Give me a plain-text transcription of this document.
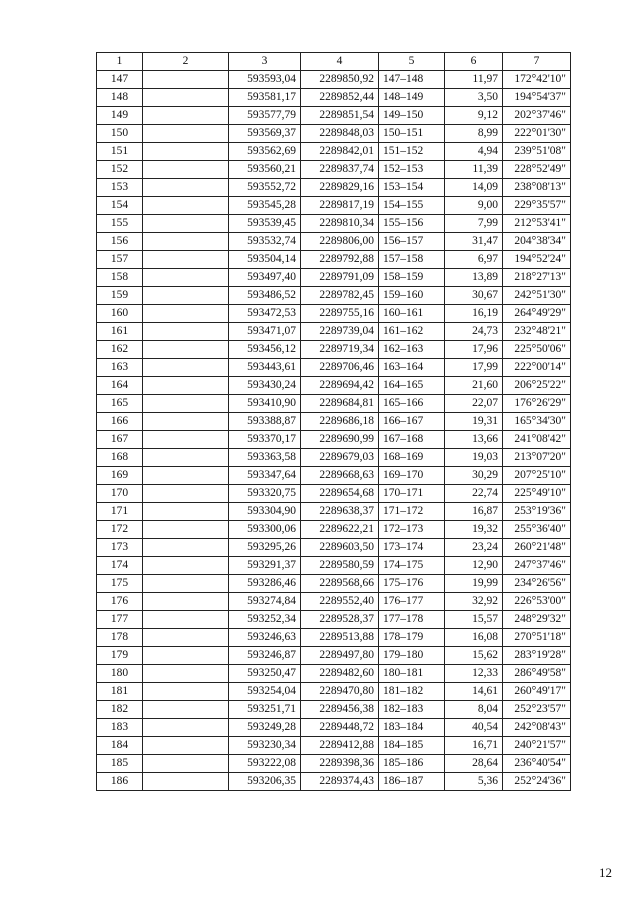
1	2	3	4	5	6	7
147		593593,04	2289850,92	147–148	11,97	172°42'10"
148		593581,17	2289852,44	148–149	3,50	194°54'37"
149		593577,79	2289851,54	149–150	9,12	202°37'46"
150		593569,37	2289848,03	150–151	8,99	222°01'30"
151		593562,69	2289842,01	151–152	4,94	239°51'08"
152		593560,21	2289837,74	152–153	11,39	228°52'49"
153		593552,72	2289829,16	153–154	14,09	238°08'13"
154		593545,28	2289817,19	154–155	9,00	229°35'57"
155		593539,45	2289810,34	155–156	7,99	212°53'41"
156		593532,74	2289806,00	156–157	31,47	204°38'34"
157		593504,14	2289792,88	157–158	6,97	194°52'24"
158		593497,40	2289791,09	158–159	13,89	218°27'13"
159		593486,52	2289782,45	159–160	30,67	242°51'30"
160		593472,53	2289755,16	160–161	16,19	264°49'29"
161		593471,07	2289739,04	161–162	24,73	232°48'21"
162		593456,12	2289719,34	162–163	17,96	225°50'06"
163		593443,61	2289706,46	163–164	17,99	222°00'14"
164		593430,24	2289694,42	164–165	21,60	206°25'22"
165		593410,90	2289684,81	165–166	22,07	176°26'29"
166		593388,87	2289686,18	166–167	19,31	165°34'30"
167		593370,17	2289690,99	167–168	13,66	241°08'42"
168		593363,58	2289679,03	168–169	19,03	213°07'20"
169		593347,64	2289668,63	169–170	30,29	207°25'10"
170		593320,75	2289654,68	170–171	22,74	225°49'10"
171		593304,90	2289638,37	171–172	16,87	253°19'36"
172		593300,06	2289622,21	172–173	19,32	255°36'40"
173		593295,26	2289603,50	173–174	23,24	260°21'48"
174		593291,37	2289580,59	174–175	12,90	247°37'46"
175		593286,46	2289568,66	175–176	19,99	234°26'56"
176		593274,84	2289552,40	176–177	32,92	226°53'00"
177		593252,34	2289528,37	177–178	15,57	248°29'32"
178		593246,63	2289513,88	178–179	16,08	270°51'18"
179		593246,87	2289497,80	179–180	15,62	283°19'28"
180		593250,47	2289482,60	180–181	12,33	286°49'58"
181		593254,04	2289470,80	181–182	14,61	260°49'17"
182		593251,71	2289456,38	182–183	8,04	252°23'57"
183		593249,28	2289448,72	183–184	40,54	242°08'43"
184		593230,34	2289412,88	184–185	16,71	240°21'57"
185		593222,08	2289398,36	185–186	28,64	236°40'54"
186		593206,35	2289374,43	186–187	5,36	252°24'36"
12
